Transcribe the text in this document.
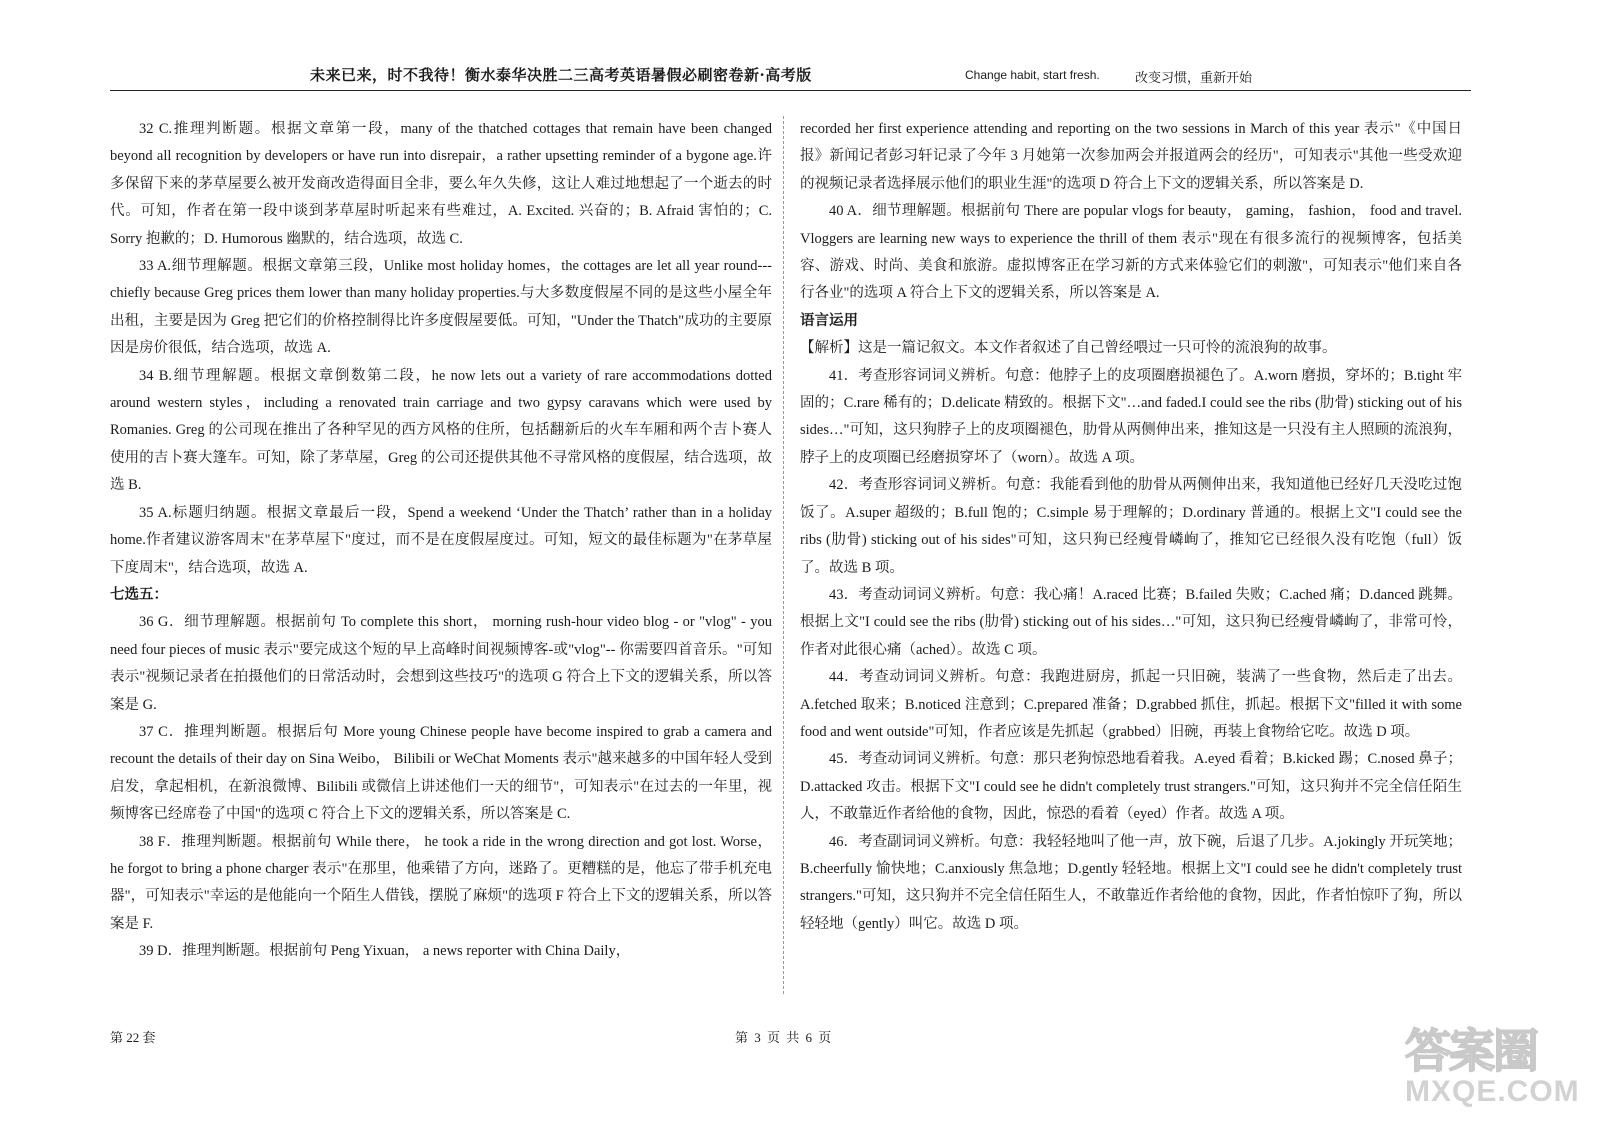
未来已来，时不我待！衡水泰华决胜二三高考英语暑假必刷密卷新·高考版	Change habit, start fresh.	改变习惯，重新开始

32 C.推理判断题。根据文章第一段，many of the thatched cottages that remain have been changed beyond all recognition by developers or have run into disrepair，a rather upsetting reminder of a bygone age.许多保留下来的茅草屋要么被开发商改造得面目全非，要么年久失修，这让人难过地想起了一个逝去的时代。可知，作者在第一段中谈到茅草屋时听起来有些难过，A. Excited. 兴奋的；B. Afraid 害怕的；C. Sorry 抱歉的；D. Humorous 幽默的，结合选项，故选 C.

33 A.细节理解题。根据文章第三段，Unlike most holiday homes，the cottages are let all year round---chiefly because Greg prices them lower than many holiday properties.与大多数度假屋不同的是这些小屋全年出租，主要是因为 Greg 把它们的价格控制得比许多度假屋要低。可知，"Under the Thatch"成功的主要原因是房价很低，结合选项，故选 A.

34 B.细节理解题。根据文章倒数第二段，he now lets out a variety of rare accommodations dotted around western styles，including a renovated train carriage and two gypsy caravans which were used by Romanies. Greg 的公司现在推出了各种罕见的西方风格的住所，包括翻新后的火车车厢和两个吉卜赛人使用的吉卜赛大篷车。可知，除了茅草屋，Greg 的公司还提供其他不寻常风格的度假屋，结合选项，故选 B.

35 A.标题归纳题。根据文章最后一段，Spend a weekend ‘Under the Thatch’ rather than in a holiday home.作者建议游客周末"在茅草屋下"度过，而不是在度假屋度过。可知，短文的最佳标题为"在茅草屋下度周末"，结合选项，故选 A.

七选五：

36 G．细节理解题。根据前句 To complete this short， morning rush-hour video blog - or "vlog" - you need four pieces of music 表示"要完成这个短的早上高峰时间视频博客-或"vlog"-- 你需要四首音乐。"可知表示"视频记录者在拍摄他们的日常活动时，会想到这些技巧"的选项 G 符合上下文的逻辑关系，所以答案是 G.

37 C．推理判断题。根据后句 More young Chinese people have become inspired to grab a camera and recount the details of their day on Sina Weibo， Bilibili or WeChat Moments 表示"越来越多的中国年轻人受到启发，拿起相机，在新浪微博、Bilibili 或微信上讲述他们一天的细节"，可知表示"在过去的一年里，视频博客已经席卷了中国"的选项 C 符合上下文的逻辑关系，所以答案是 C.

38 F．推理判断题。根据前句 While there， he took a ride in the wrong direction and got lost. Worse， he forgot to bring a phone charger 表示"在那里，他乘错了方向，迷路了。更糟糕的是，他忘了带手机充电器"，可知表示"幸运的是他能向一个陌生人借钱，摆脱了麻烦"的选项 F 符合上下文的逻辑关系，所以答案是 F.

39 D．推理判断题。根据前句 Peng Yixuan， a news reporter with China Daily，

recorded her first experience attending and reporting on the two sessions in March of this year 表示"《中国日报》新闻记者彭习轩记录了今年 3 月她第一次参加两会并报道两会的经历"，可知表示"其他一些受欢迎的视频记录者选择展示他们的职业生涯"的选项 D 符合上下文的逻辑关系，所以答案是 D.

40 A．细节理解题。根据前句 There are popular vlogs for beauty， gaming， fashion， food and travel. Vloggers are learning new ways to experience the thrill of them 表示"现在有很多流行的视频博客，包括美容、游戏、时尚、美食和旅游。虚拟博客正在学习新的方式来体验它们的刺激"，可知表示"他们来自各行各业"的选项 A 符合上下文的逻辑关系，所以答案是 A.

语言运用

【解析】这是一篇记叙文。本文作者叙述了自己曾经喂过一只可怜的流浪狗的故事。

41．考查形容词词义辨析。句意：他脖子上的皮项圈磨损褪色了。A.worn 磨损，穿坏的；B.tight 牢固的；C.rare 稀有的；D.delicate 精致的。根据下文"…and faded.I could see the ribs (肋骨) sticking out of his sides…"可知，这只狗脖子上的皮项圈褪色，肋骨从两侧伸出来，推知这是一只没有主人照顾的流浪狗，脖子上的皮项圈已经磨损穿坏了（worn）。故选 A 项。

42．考查形容词词义辨析。句意：我能看到他的肋骨从两侧伸出来，我知道他已经好几天没吃过饱饭了。A.super 超级的；B.full 饱的；C.simple 易于理解的；D.ordinary 普通的。根据上文"I could see the ribs (肋骨) sticking out of his sides"可知，这只狗已经瘦骨嶙峋了，推知它已经很久没有吃饱（full）饭了。故选 B 项。

43．考查动词词义辨析。句意：我心痛！A.raced 比赛；B.failed 失败；C.ached 痛；D.danced 跳舞。根据上文"I could see the ribs (肋骨) sticking out of his sides…"可知，这只狗已经瘦骨嶙峋了，非常可怜，作者对此很心痛（ached）。故选 C 项。

44．考查动词词义辨析。句意：我跑进厨房，抓起一只旧碗，装满了一些食物，然后走了出去。A.fetched 取来；B.noticed 注意到；C.prepared 准备；D.grabbed 抓住，抓起。根据下文"filled it with some food and went outside"可知，作者应该是先抓起（grabbed）旧碗，再装上食物给它吃。故选 D 项。

45．考查动词词义辨析。句意：那只老狗惊恐地看着我。A.eyed 看着；B.kicked 踢；C.nosed 鼻子；D.attacked 攻击。根据下文"I could see he didn't completely trust strangers."可知，这只狗并不完全信任陌生人，不敢靠近作者给他的食物，因此，惊恐的看着（eyed）作者。故选 A 项。

46．考查副词词义辨析。句意：我轻轻地叫了他一声，放下碗，后退了几步。A.jokingly 开玩笑地；B.cheerfully 愉快地；C.anxiously 焦急地；D.gently 轻轻地。根据上文"I could see he didn't completely trust strangers."可知，这只狗并不完全信任陌生人，不敢靠近作者给他的食物，因此，作者怕惊吓了狗，所以轻轻地（gently）叫它。故选 D 项。

第 22 套	第 3 页 共 6 页	答案圈
MXQE.COM
